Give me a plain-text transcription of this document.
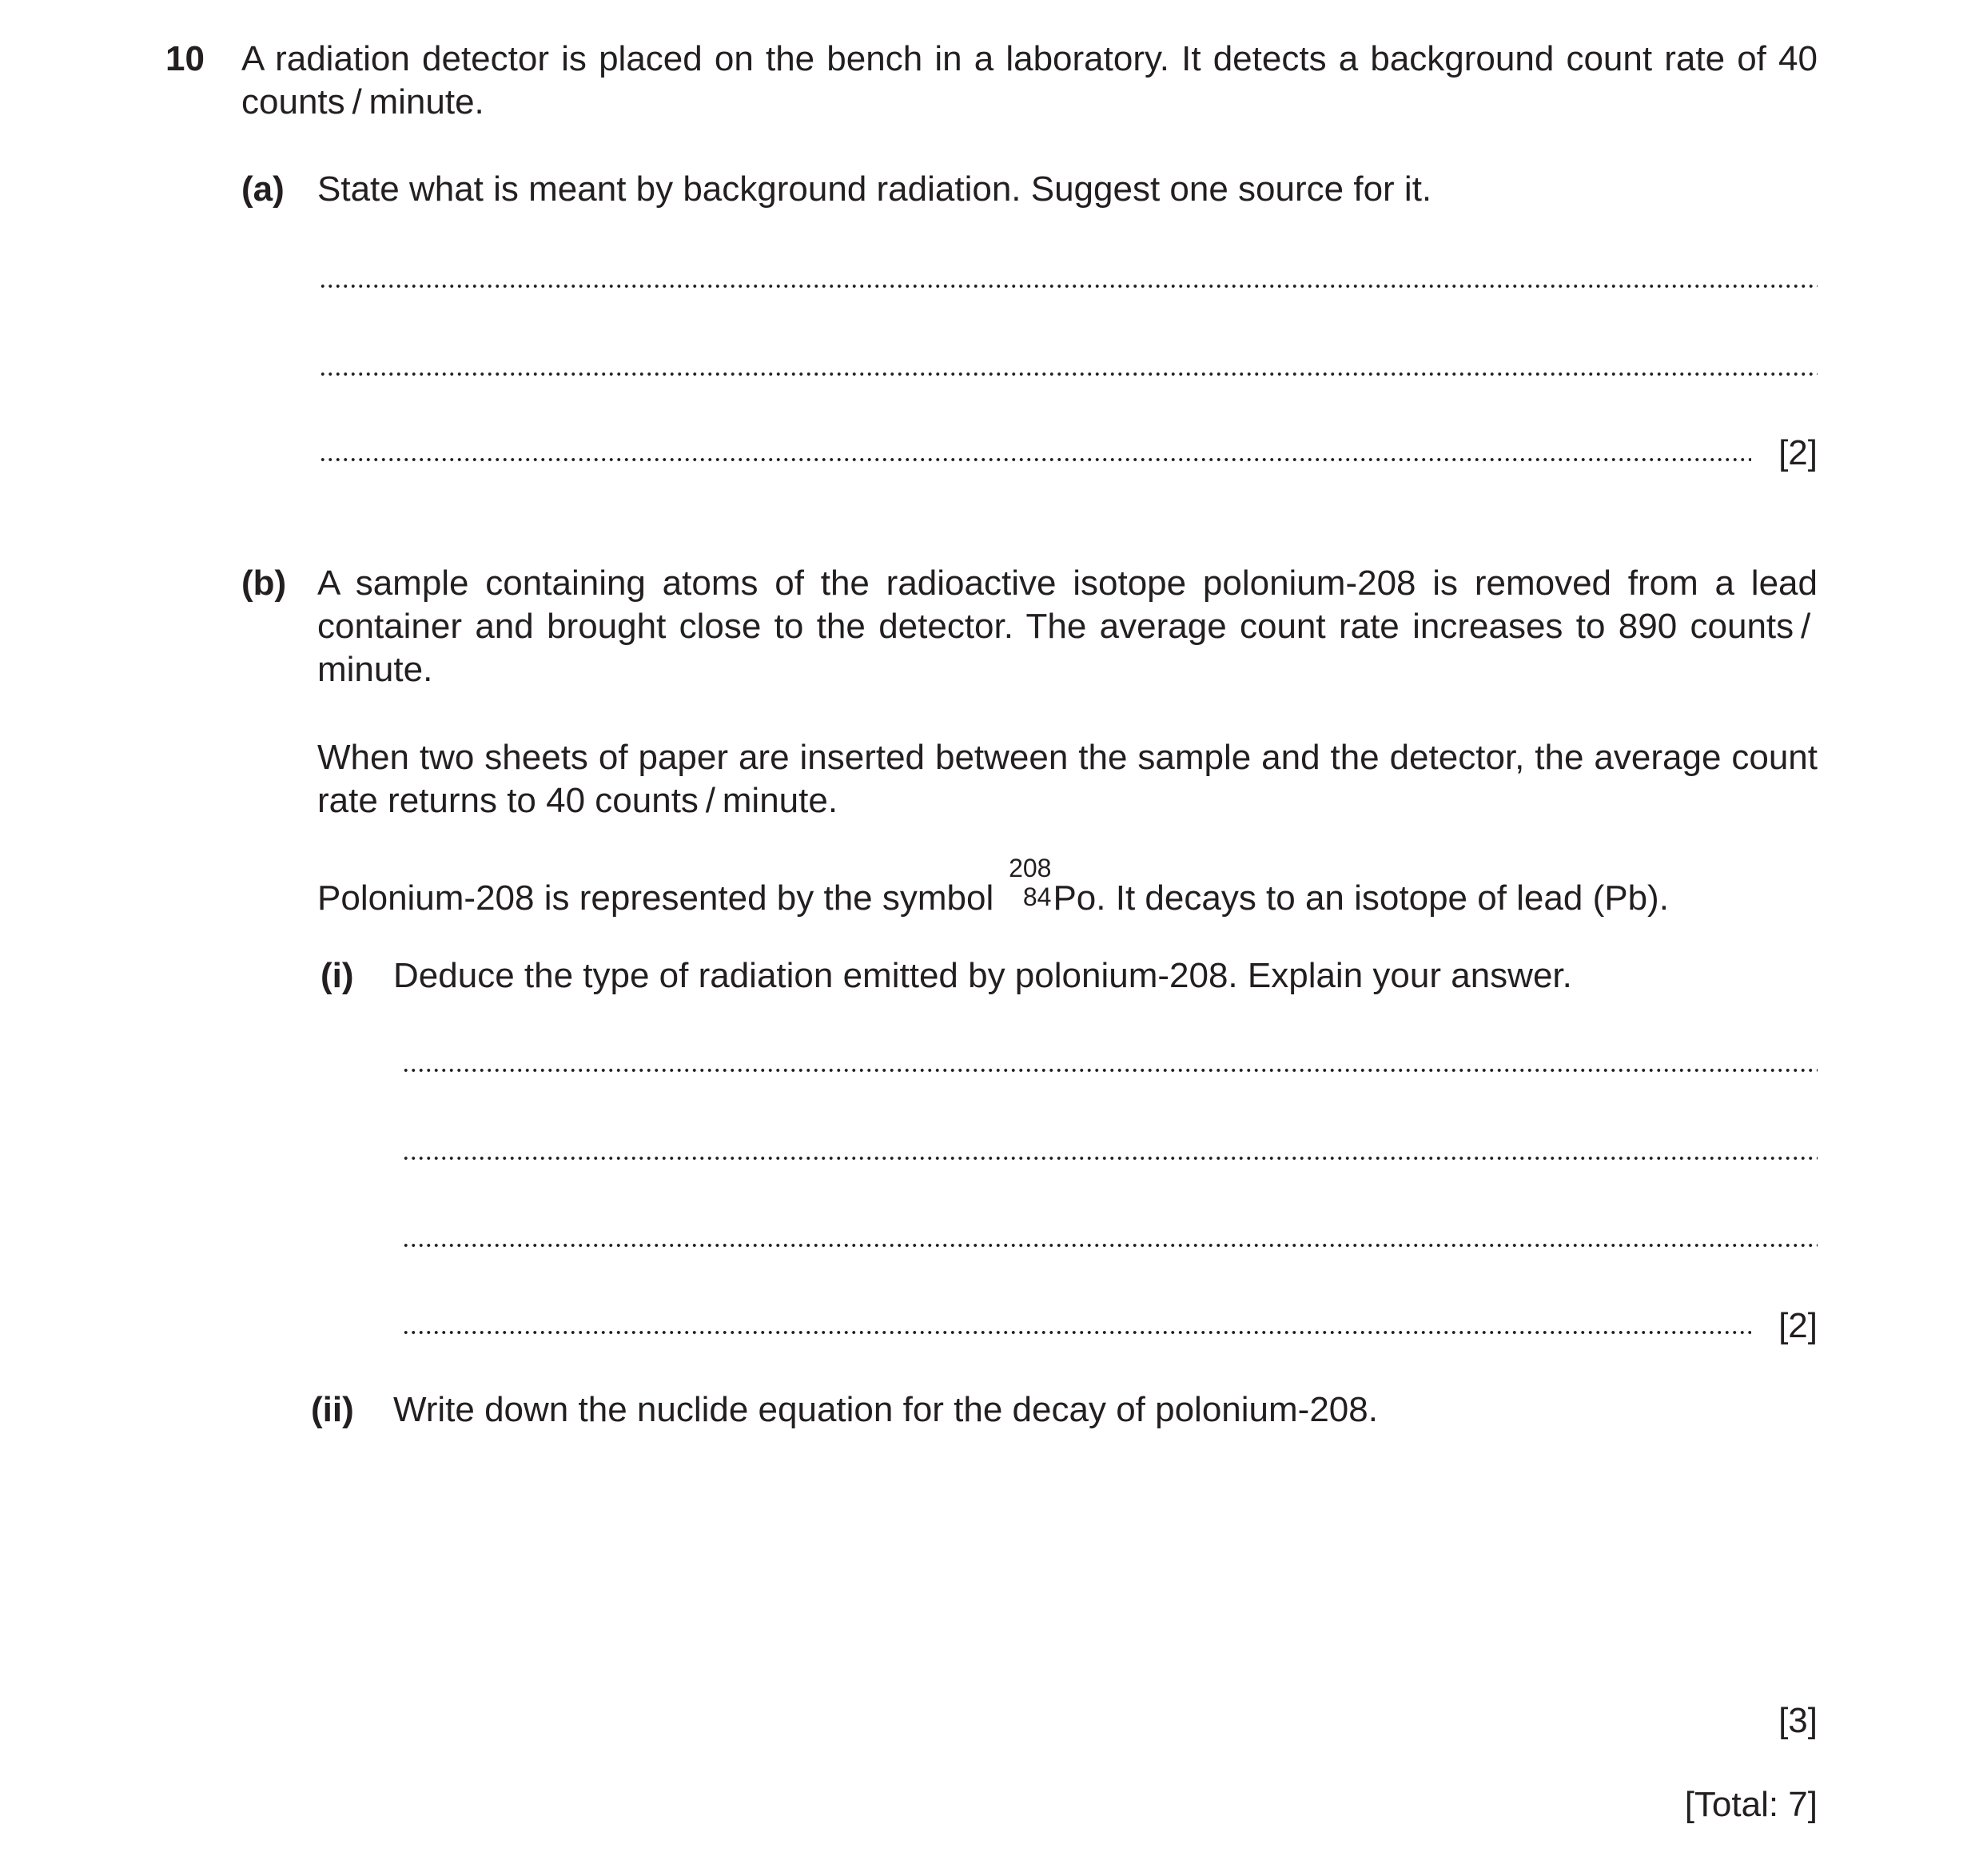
10 A radiation detector is placed on the bench in a laboratory. It detects a background count rate of 40 counts / minute.
(a) State what is meant by background radiation. Suggest one source for it.
[2]
(b) A sample containing atoms of the radioactive isotope polonium-208 is removed from a lead container and brought close to the detector. The average count rate increases to 890 counts / minute.
When two sheets of paper are inserted between the sample and the detector, the average count rate returns to 40 counts / minute.
Polonium-208 is represented by the symbol
208
84 Po. It decays to an isotope of lead (Pb).
(i) Deduce the type of radiation emitted by polonium-208. Explain your answer.
[2]
(ii) Write down the nuclide equation for the decay of polonium-208.
[3]
[Total: 7]
